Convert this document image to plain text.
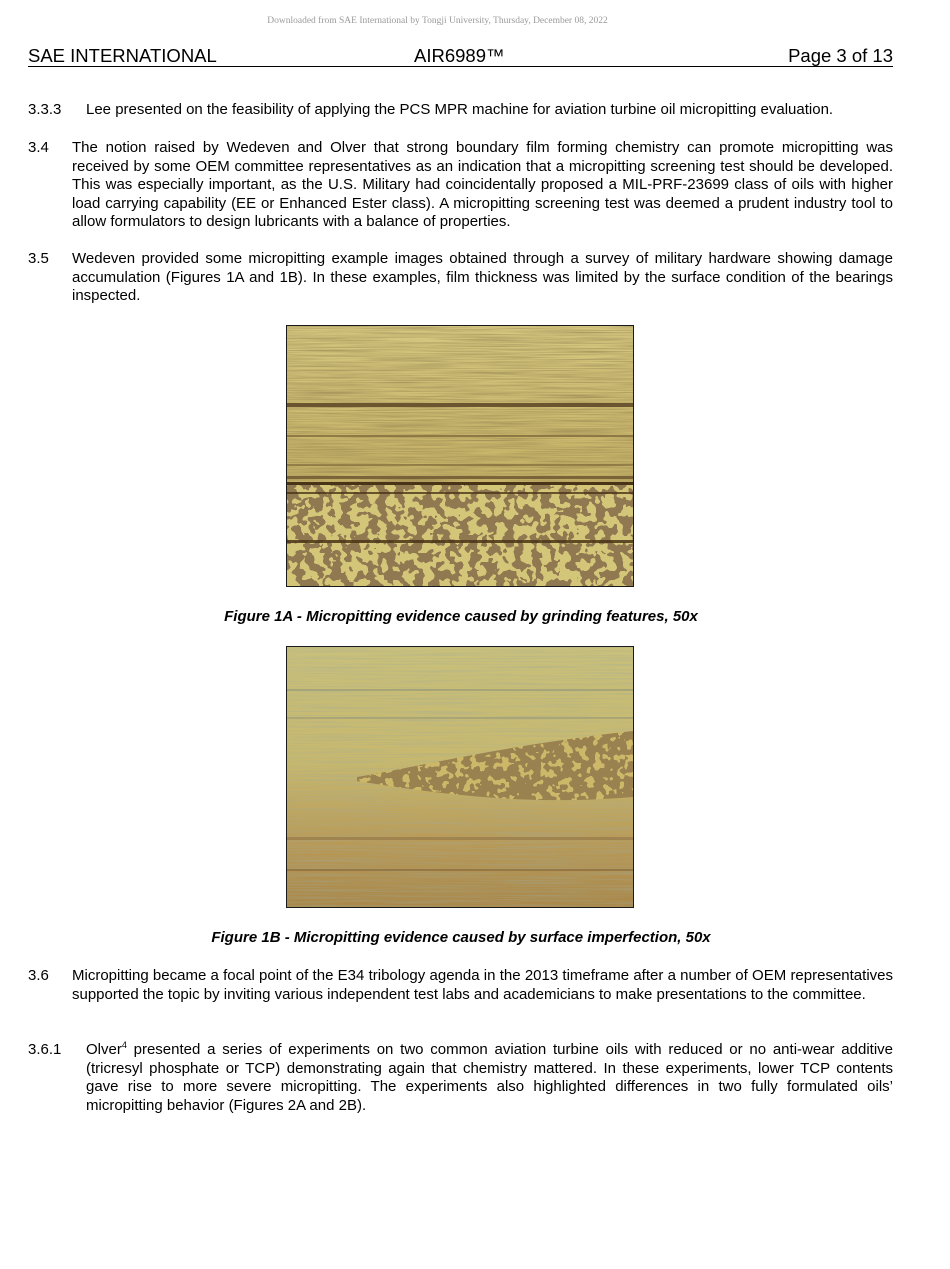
Downloaded from SAE International by Tongji University, Thursday, December 08, 2022
SAE INTERNATIONAL	AIR6989™	Page 3 of 13
3.3.3 Lee presented on the feasibility of applying the PCS MPR machine for aviation turbine oil micropitting evaluation.
3.4 The notion raised by Wedeven and Olver that strong boundary film forming chemistry can promote micropitting was received by some OEM committee representatives as an indication that a micropitting screening test should be developed. This was especially important, as the U.S. Military had coincidentally proposed a MIL-PRF-23699 class of oils with higher load carrying capability (EE or Enhanced Ester class). A micropitting screening test was deemed a prudent industry tool to allow formulators to design lubricants with a balance of properties.
3.5 Wedeven provided some micropitting example images obtained through a survey of military hardware showing damage accumulation (Figures 1A and 1B). In these examples, film thickness was limited by the surface condition of the bearings inspected.
Figure 1A - Micropitting evidence caused by grinding features, 50x
Figure 1B - Micropitting evidence caused by surface imperfection, 50x
3.6 Micropitting became a focal point of the E34 tribology agenda in the 2013 timeframe after a number of OEM representatives supported the topic by inviting various independent test labs and academicians to make presentations to the committee.
3.6.1 Olver$^4$ presented a series of experiments on two common aviation turbine oils with reduced or no anti-wear additive (tricresyl phosphate or TCP) demonstrating again that chemistry mattered. In these experiments, lower TCP contents gave rise to more severe micropitting. The experiments also highlighted differences in two fully formulated oils’ micropitting behavior (Figures 2A and 2B).
